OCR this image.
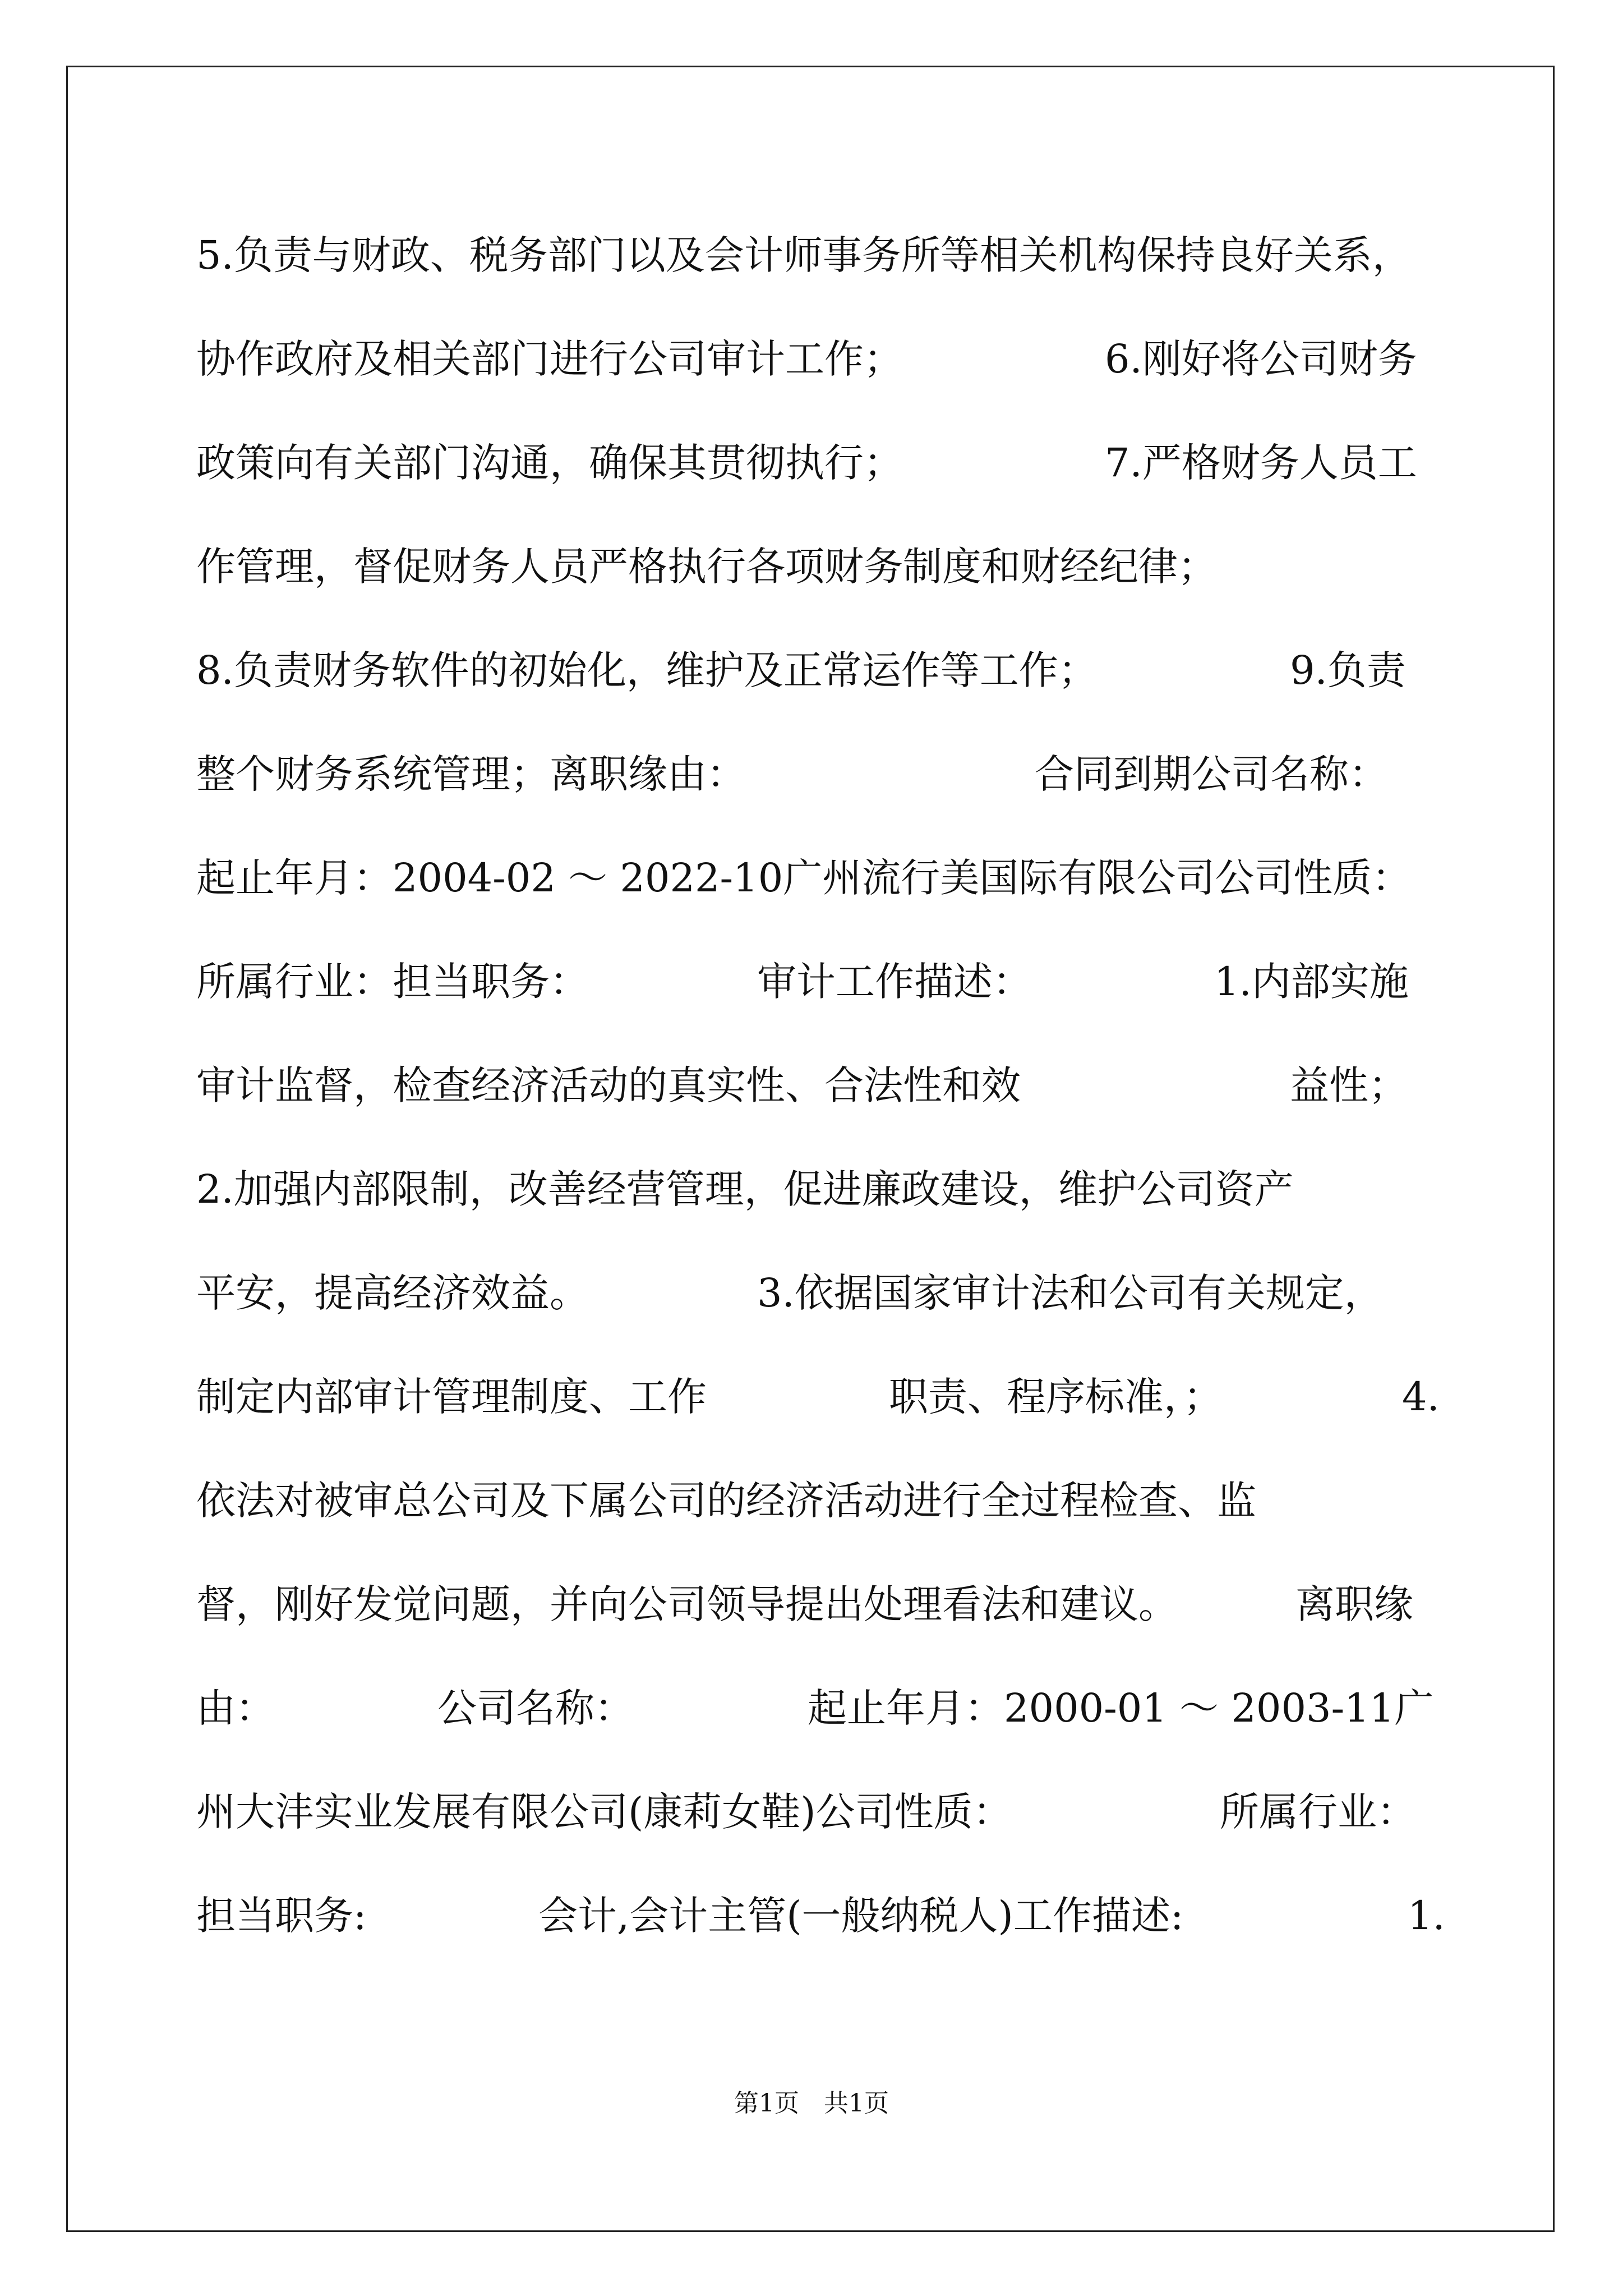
5.负责与财政、税务部门以及会计师事务所等相关机构保持良好关系，
协作政府及相关部门进行公司审计工作；	6.刚好将公司财务
政策向有关部门沟通，确保其贯彻执行；	7.严格财务人员工
作管理，督促财务人员严格执行各项财务制度和财经纪律；
8.负责财务软件的初始化，维护及正常运作等工作；	9.负责
整个财务系统管理；离职缘由：	合同到期公司名称：
起止年月：2004-02 ～ 2022-10广州流行美国际有限公司公司性质：
所属行业：担当职务：	审计工作描述：	1.内部实施
审计监督，检查经济活动的真实性、合法性和效	益性；
2.加强内部限制，改善经营管理，促进廉政建设，维护公司资产
平安，提高经济效益。	3.依据国家审计法和公司有关规定，
制定内部审计管理制度、工作	职责、程序标准，；	4.
依法对被审总公司及下属公司的经济活动进行全过程检查、监
督，刚好发觉问题，并向公司领导提出处理看法和建议。	离职缘
由：	公司名称：	起止年月：2000-01 ～ 2003-11广
州大沣实业发展有限公司(康莉女鞋)公司性质：	所属行业：
担当职务:	会计,会计主管(一般纳税人)工作描述:	1.
第1页　共1页
